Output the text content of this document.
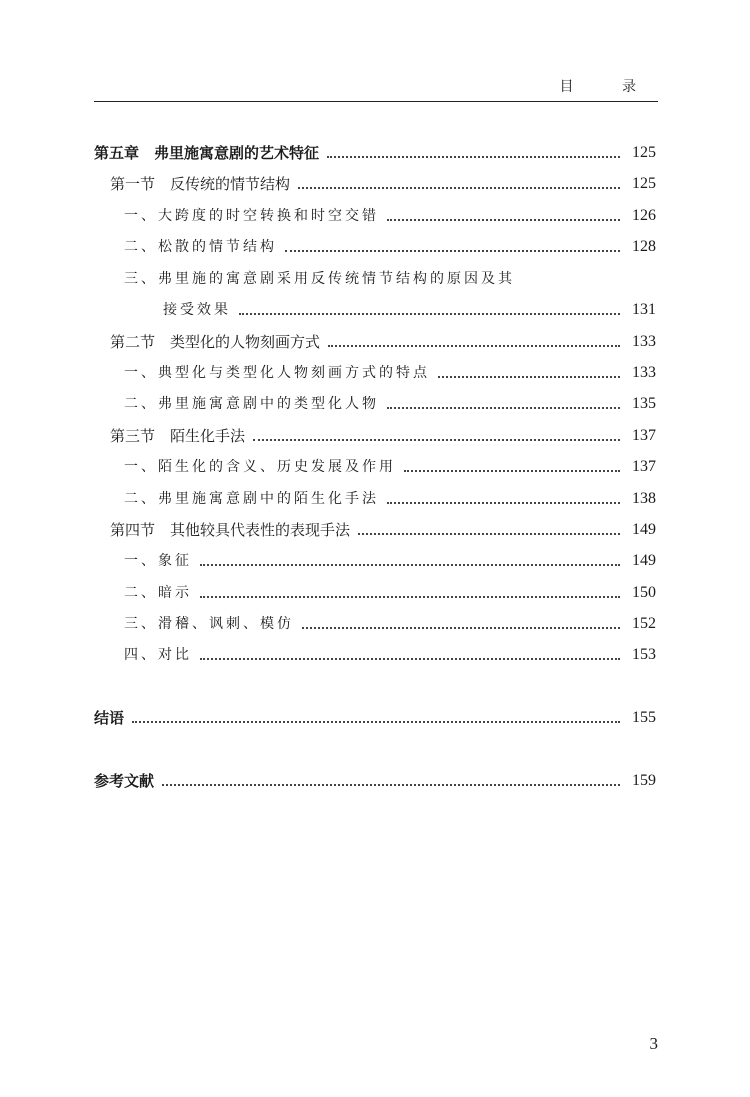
目 录
第五章　弗里施寓意剧的艺术特征	125
第一节　反传统的情节结构	125
一、大跨度的时空转换和时空交错	126
二、松散的情节结构	128
三、弗里施的寓意剧采用反传统情节结构的原因及其
接受效果	131
第二节　类型化的人物刻画方式	133
一、典型化与类型化人物刻画方式的特点	133
二、弗里施寓意剧中的类型化人物	135
第三节　陌生化手法	137
一、陌生化的含义、历史发展及作用	137
二、弗里施寓意剧中的陌生化手法	138
第四节　其他较具代表性的表现手法	149
一、象征	149
二、暗示	150
三、滑稽、讽刺、模仿	152
四、对比	153
结语	155
参考文献	159
3
